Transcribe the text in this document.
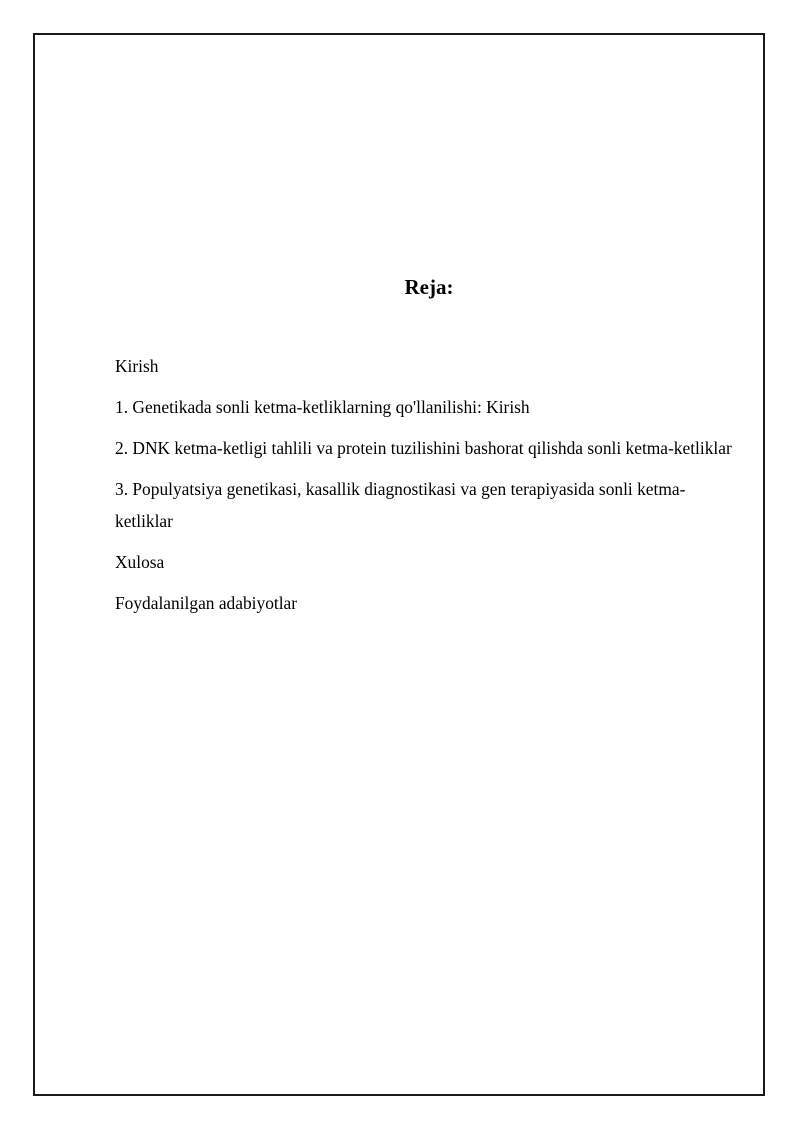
Reja:
Kirish
1. Genetikada sonli ketma-ketliklarning qo'llanilishi: Kirish
2. DNK ketma-ketligi tahlili va protein tuzilishini bashorat qilishda sonli ketma-ketliklar
3. Populyatsiya genetikasi, kasallik diagnostikasi va gen terapiyasida sonli ketma-ketliklar
Xulosa
Foydalanilgan adabiyotlar
